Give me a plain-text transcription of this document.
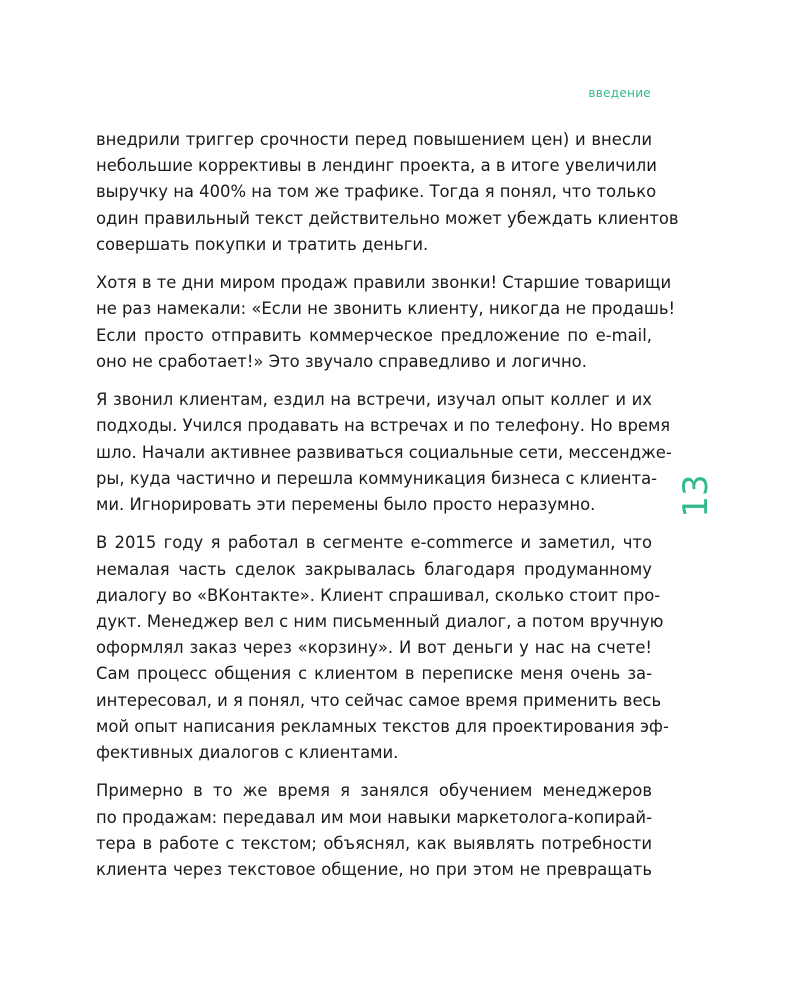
введение
13

внедрили триггер срочности перед повышением цен) и внесли
небольшие коррективы в лендинг проекта, а в итоге увеличили
выручку на 400% на том же трафике. Тогда я понял, что только
один правильный текст действительно может убеждать клиентов
совершать покупки и тратить деньги.

Хотя в те дни миром продаж правили звонки! Старшие товарищи
не раз намекали: «Если не звонить клиенту, никогда не продашь!
Если просто отправить коммерческое предложение по e-mail,
оно не сработает!» Это звучало справедливо и логично.

Я звонил клиентам, ездил на встречи, изучал опыт коллег и их
подходы. Учился продавать на встречах и по телефону. Но время
шло. Начали активнее развиваться социальные сети, мессендже-
ры, куда частично и перешла коммуникация бизнеса с клиента-
ми. Игнорировать эти перемены было просто неразумно.

В 2015 году я работал в сегменте e-commerce и заметил, что
немалая часть сделок закрывалась благодаря продуманному
диалогу во «ВКонтакте». Клиент спрашивал, сколько стоит про-
дукт. Менеджер вел с ним письменный диалог, а потом вручную
оформлял заказ через «корзину». И вот деньги у нас на счете!
Сам процесс общения с клиентом в переписке меня очень за-
интересовал, и я понял, что сейчас самое время применить весь
мой опыт написания рекламных текстов для проектирования эф-
фективных диалогов с клиентами.

Примерно в то же время я занялся обучением менеджеров
по продажам: передавал им мои навыки маркетолога-копирай-
тера в работе с текстом; объяснял, как выявлять потребности
клиента через текстовое общение, но при этом не превращать
